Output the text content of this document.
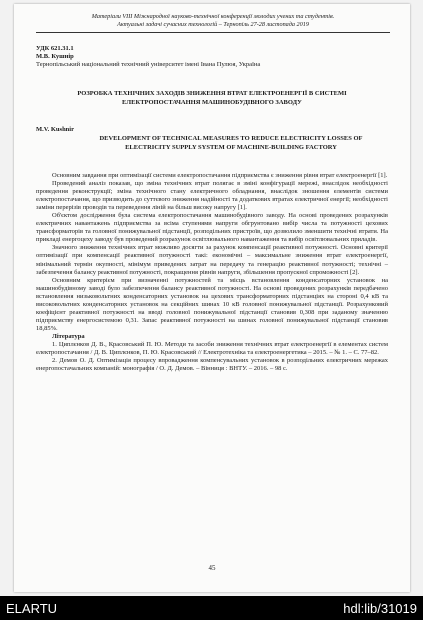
Матеріали VIII Міжнародної науково-технічної конференції молодих учених та студентів.
Актуальні задачі сучасних технологій – Тернопіль 27-28 листопада 2019

УДК 621.31.1

М.В. Кушнір

Тернопільський національний технічний університет імені Івана Пулюя, Україна

РОЗРОБКА ТЕХНІЧНИХ ЗАХОДІВ ЗНИЖЕННЯ ВТРАТ ЕЛЕКТРОЕНЕРГІЇ В СИСТЕМІ ЕЛЕКТРОПОСТАЧАННЯ МАШИНОБУДІВНОГО ЗАВОДУ
M.V. Kushnir
DEVELOPMENT OF TECHNICAL MEASURES TO REDUCE ELECTRICITY LOSSES OF ELECTRICITY SUPPLY SYSTEM OF MACHINE-BUILDING FACTORY

Основним завдання при оптимізації системи електропостачання підприємства є зниження рівня втрат електроенергії [1].

Проведений аналіз показав, що зміна технічних втрат полягає в зміні конфігурації мережі, внаслідок необхідності проведення реконструкції; зміна технічного стану електричного обладнання, внаслідок зношення елементів системи електропостачання, що призводить до суттєвого зниження надійності та додаткових втратах електричної енергії; необхідності заміни перерізів проводів та переведення ліній на більш високу напругу [1].

Об'єктом дослідження була система електропостачання машинобудівного заводу. На основі проведених розрахунків електричних навантажень підприємства за всіма ступенями напруги обгрунтовано вибір числа та потужності цехових трансформаторів та головної понижувальної підстанції, розподільних пристроїв, що дозволило зменшити технічні втрати. На прикладі енергоцеху заводу був проведений розрахунок освітлювального навантаження та вибір освітлювальних приладів.

Значного зниження технічних втрат можливо досягти за рахунок компенсації реактивної потужності. Основні критерії оптимізації при компенсації реактивної потужності такі: економічні – максимальне зниження втрат електроенергії, мінімальний термін окупності, мінімум приведених затрат на передачу та генерацію реактивної потужності; технічні – забезпечення балансу реактивної потужності, покращення рівнів напруги, збільшення пропускної спроможності [2].

Основним критерієм при визначенні потужностей та місць встановлення конденсаторних установок на машинобудівному заводі було забезпечення балансу реактивної потужності. На основі проведених розрахунків передбачено встановлення низьковольтних конденсаторних установок на цехових трансформаторних підстанціях на стороні 0,4 кВ та високовольтних конденсаторних установок на секційних шинах 10 кВ головної понижувальної підстанції. Розрахунковий коефіцієнт реактивної потужності на вводі головної понижувальної підстанції становив 0,308 при заданому значенню підприємству енергосистемою 0,31. Запас реактивної потужності на шинах головної понижувальної підстанції становив 18,85%.

Література

1. Циплєнков Д. В., Красовський П. Ю. Методи та засоби зниження технічних втрат електроенергії в елементах систем електропостачання / Д. В. Циплєнков, П. Ю. Красовський // Електротехніка та електроенергетика – 2015. – № 1. – С. 77–82.

2. Демов О. Д. Оптимізація процесу впровадження компенсувальних установок в розподільних електричних мережах енергопостачальних компаній: монографія / О. Д. Демов. – Вінниця : ВНТУ. – 2016. – 98 с.

45
ELARTU	hdl:lib/31019
